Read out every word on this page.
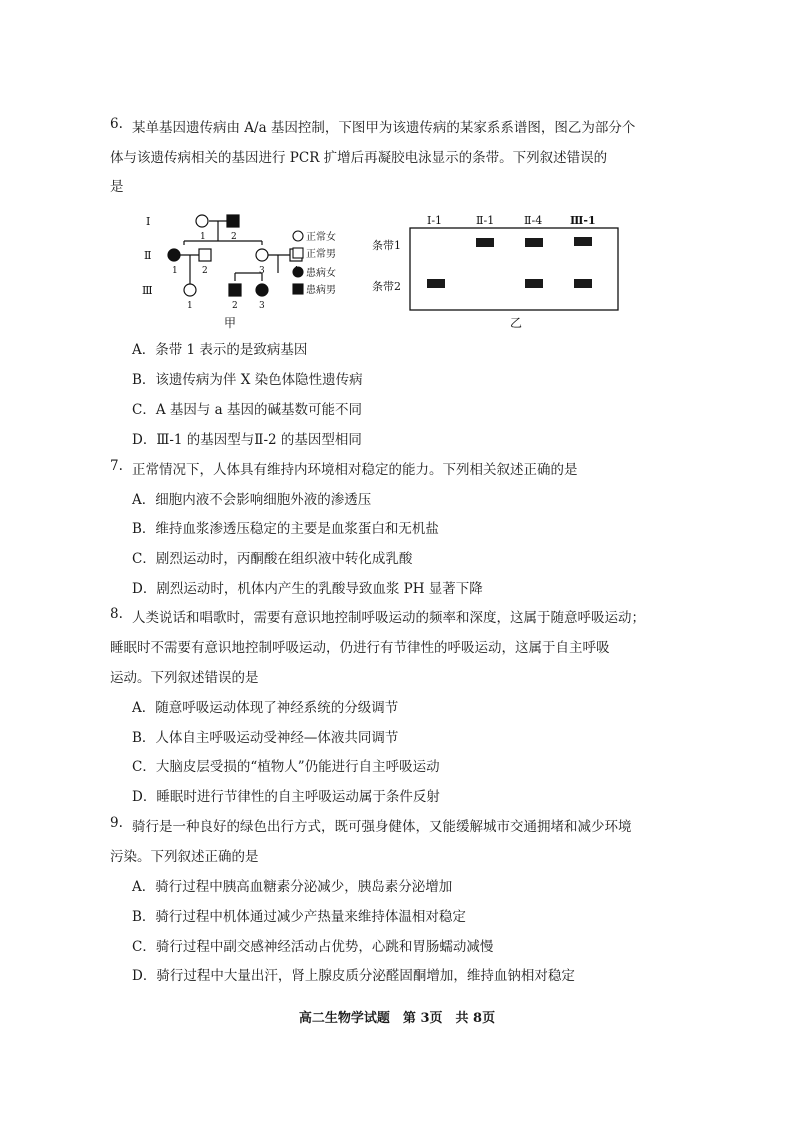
6. 某单基因遗传病由 A/a 基因控制，下图甲为该遗传病的某家系系谱图，图乙为部分个
体与该遗传病相关的基因进行 PCR 扩增后再凝胶电泳显示的条带。下列叙述错误的
是
Ⅰ
Ⅱ
Ⅲ
1	2
1	2	3
1	2 3
甲
正常女
正常男
患病女
患病男
Ⅰ-1	Ⅱ-1	Ⅱ-4	Ⅲ-1
条带1
条带2
乙
A．条带 1 表示的是致病基因
B．该遗传病为伴 X 染色体隐性遗传病
C．A 基因与 a 基因的碱基数可能不同
D．Ⅲ-1 的基因型与Ⅱ-2 的基因型相同
7. 正常情况下，人体具有维持内环境相对稳定的能力。下列相关叙述正确的是
A．细胞内液不会影响细胞外液的渗透压
B．维持血浆渗透压稳定的主要是血浆蛋白和无机盐
C．剧烈运动时，丙酮酸在组织液中转化成乳酸
D．剧烈运动时，机体内产生的乳酸导致血浆 PH 显著下降
8. 人类说话和唱歌时，需要有意识地控制呼吸运动的频率和深度，这属于随意呼吸运动；
睡眠时不需要有意识地控制呼吸运动，仍进行有节律性的呼吸运动，这属于自主呼吸
运动。下列叙述错误的是
A．随意呼吸运动体现了神经系统的分级调节
B．人体自主呼吸运动受神经—体液共同调节
C．大脑皮层受损的“植物人”仍能进行自主呼吸运动
D．睡眠时进行节律性的自主呼吸运动属于条件反射
9. 骑行是一种良好的绿色出行方式，既可强身健体，又能缓解城市交通拥堵和减少环境
污染。下列叙述正确的是
A．骑行过程中胰高血糖素分泌减少，胰岛素分泌增加
B．骑行过程中机体通过减少产热量来维持体温相对稳定
C．骑行过程中副交感神经活动占优势，心跳和胃肠蠕动减慢
D．骑行过程中大量出汗，肾上腺皮质分泌醛固酮增加，维持血钠相对稳定
高二生物学试题　第 3页　共 8页
